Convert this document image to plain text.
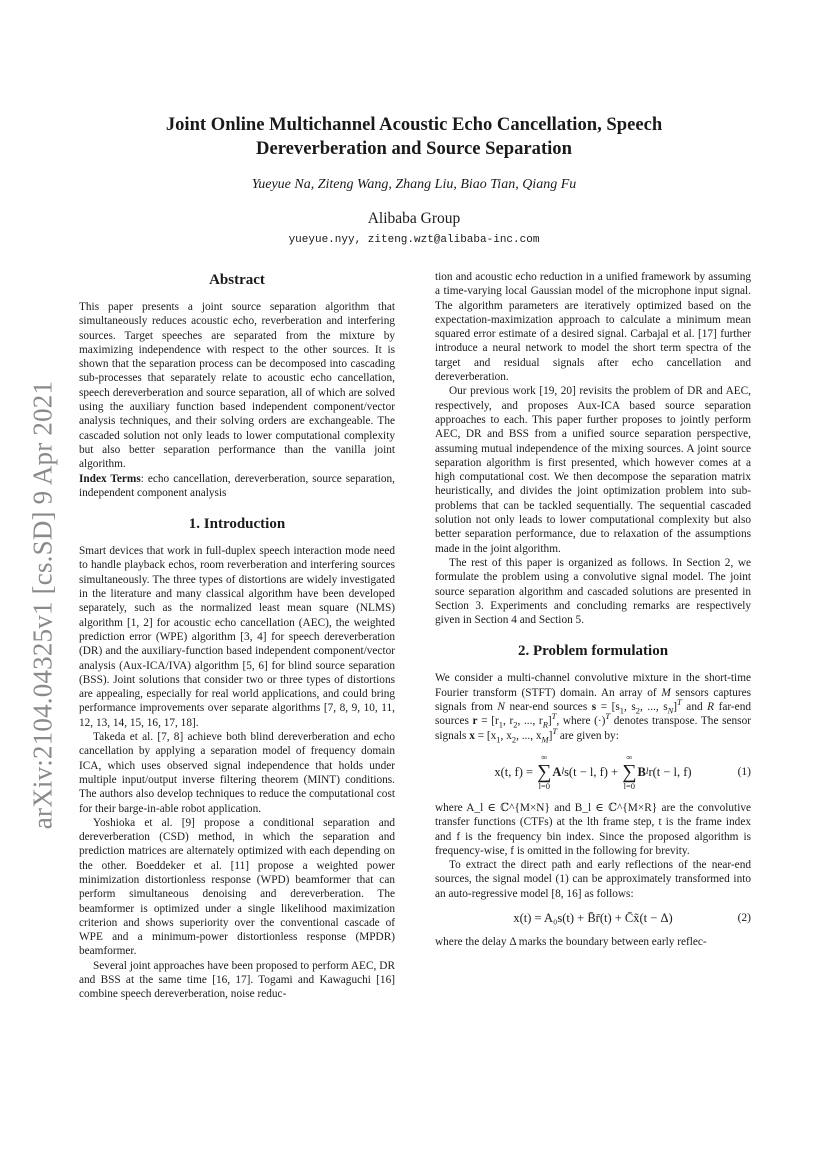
arXiv:2104.04325v1 [cs.SD] 9 Apr 2021
Joint Online Multichannel Acoustic Echo Cancellation, Speech Dereverberation and Source Separation
Yueyue Na, Ziteng Wang, Zhang Liu, Biao Tian, Qiang Fu
Alibaba Group
yueyue.nyy, ziteng.wzt@alibaba-inc.com
Abstract

This paper presents a joint source separation algorithm that simultaneously reduces acoustic echo, reverberation and interfering sources. Target speeches are separated from the mixture by maximizing independence with respect to the other sources. It is shown that the separation process can be decomposed into cascading sub-processes that separately relate to acoustic echo cancellation, speech dereverberation and source separation, all of which are solved using the auxiliary function based independent component/vector analysis techniques, and their solving orders are exchangeable. The cascaded solution not only leads to lower computational complexity but also better separation performance than the vanilla joint algorithm.

Index Terms: echo cancellation, dereverberation, source separation, independent component analysis

1. Introduction

Smart devices that work in full-duplex speech interaction mode need to handle playback echos, room reverberation and interfering sources simultaneously. The three types of distortions are widely investigated in the literature and many classical algorithm have been developed separately, such as the normalized least mean square (NLMS) algorithm [1, 2] for acoustic echo cancellation (AEC), the weighted prediction error (WPE) algorithm [3, 4] for speech dereverberation (DR) and the auxiliary-function based independent component/vector analysis (Aux-ICA/IVA) algorithm [5, 6] for blind source separation (BSS). Joint solutions that consider two or three types of distortions are appealing, especially for real world applications, and could bring performance improvements over separate algorithms [7, 8, 9, 10, 11, 12, 13, 14, 15, 16, 17, 18].

Takeda et al. [7, 8] achieve both blind dereverberation and echo cancellation by applying a separation model of frequency domain ICA, which uses observed signal independence that holds under multiple input/output inverse filtering theorem (MINT) conditions. The authors also develop techniques to reduce the computational cost for their barge-in-able robot application.

Yoshioka et al. [9] propose a conditional separation and dereverberation (CSD) method, in which the separation and prediction matrices are alternately optimized with each depending on the other. Boeddeker et al. [11] propose a weighted power minimization distortionless response (WPD) beamformer that can perform simultaneous denoising and dereverberation. The beamformer is optimized under a single likelihood maximization criterion and shows superiority over the conventional cascade of WPE and a minimum-power distortionless response (MPDR) beamformer.

Several joint approaches have been proposed to perform AEC, DR and BSS at the same time [16, 17]. Togami and Kawaguchi [16] combine speech dereverberation, noise reduc-

tion and acoustic echo reduction in a unified framework by assuming a time-varying local Gaussian model of the microphone input signal. The algorithm parameters are iteratively optimized based on the expectation-maximization approach to calculate a minimum mean squared error estimate of a desired signal. Carbajal et al. [17] further introduce a neural network to model the short term spectra of the target and residual signals after echo cancellation and dereverberation.

Our previous work [19, 20] revisits the problem of DR and AEC, respectively, and proposes Aux-ICA based source separation approaches to each. This paper further proposes to jointly perform AEC, DR and BSS from a unified source separation perspective, assuming mutual independence of the mixing sources. A joint source separation algorithm is first presented, which however comes at a high computational cost. We then decompose the separation matrix heuristically, and divides the joint optimization problem into sub-problems that can be tackled sequentially. The sequential cascaded solution not only leads to lower computational complexity but also better separation performance, due to relaxation of the assumptions made in the joint algorithm.

The rest of this paper is organized as follows. In Section 2, we formulate the problem using a convolutive signal model. The joint source separation algorithm and cascaded solutions are presented in Section 3. Experiments and concluding remarks are respectively given in Section 4 and Section 5.

2. Problem formulation

We consider a multi-channel convolutive mixture in the short-time Fourier transform (STFT) domain. An array of M sensors captures signals from N near-end sources $s = [s_1$, $s_2$, ..., $s_N]^T$ and R far-end sources $r = [r_1$, $r_2$, ..., $r_R]^T$, where $(\cdot)^T$ denotes transpose. The sensor signals $x = [x_1$, $x_2$, ..., $x_M]^T$ are given by:

x(t, f) =

∞
∑
l=0
A l s(t − l, f) +

∞
∑
l=0
B l r(t − l, f)	(1)

where A_l ∈ ℂ^{M×N} and B_l ∈ ℂ^{M×R} are the convolutive transfer functions (CTFs) at the lth frame step, t is the frame index and f is the frequency bin index. Since the proposed algorithm is frequency-wise, f is omitted in the following for brevity.

To extract the direct path and early reflections of the near-end sources, the signal model (1) can be approximately transformed into an auto-regressive model [8, 16] as follows:

x(t) = A₀s(t) + B̄r̄(t) + C̄x̃(t − Δ)	(2)

where the delay Δ marks the boundary between early reflec-
